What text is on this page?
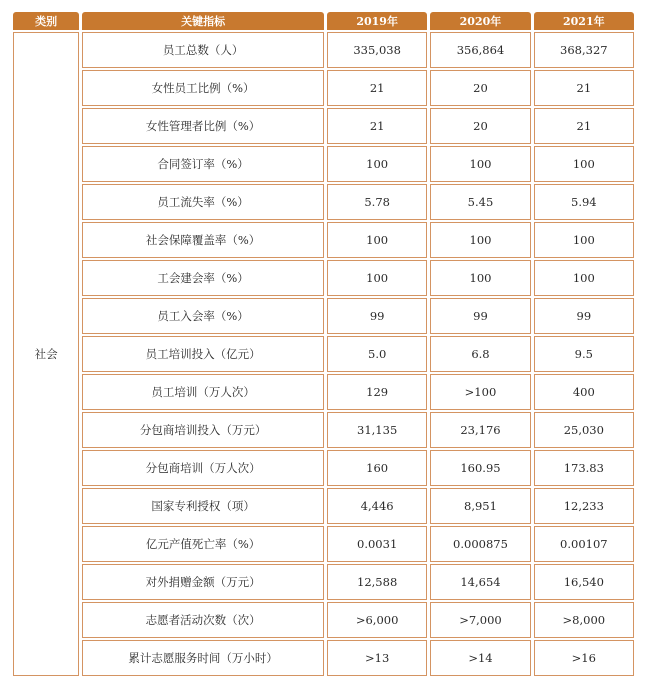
类别	关键指标	2019年	2020年	2021年
社会	员工总数（人）	335,038	356,864	368,327
	女性员工比例（%）	21	20	21
	女性管理者比例（%）	21	20	21
	合同签订率（%）	100	100	100
	员工流失率（%）	5.78	5.45	5.94
	社会保障覆盖率（%）	100	100	100
	工会建会率（%）	100	100	100
	员工入会率（%）	99	99	99
	员工培训投入（亿元）	5.0	6.8	9.5
	员工培训（万人次）	129	>100	400
	分包商培训投入（万元）	31,135	23,176	25,030
	分包商培训（万人次）	160	160.95	173.83
	国家专利授权（项）	4,446	8,951	12,233
	亿元产值死亡率（%）	0.0031	0.000875	0.00107
	对外捐赠金额（万元）	12,588	14,654	16,540
	志愿者活动次数（次）	>6,000	>7,000	>8,000
	累计志愿服务时间（万小时）	>13	>14	>16
